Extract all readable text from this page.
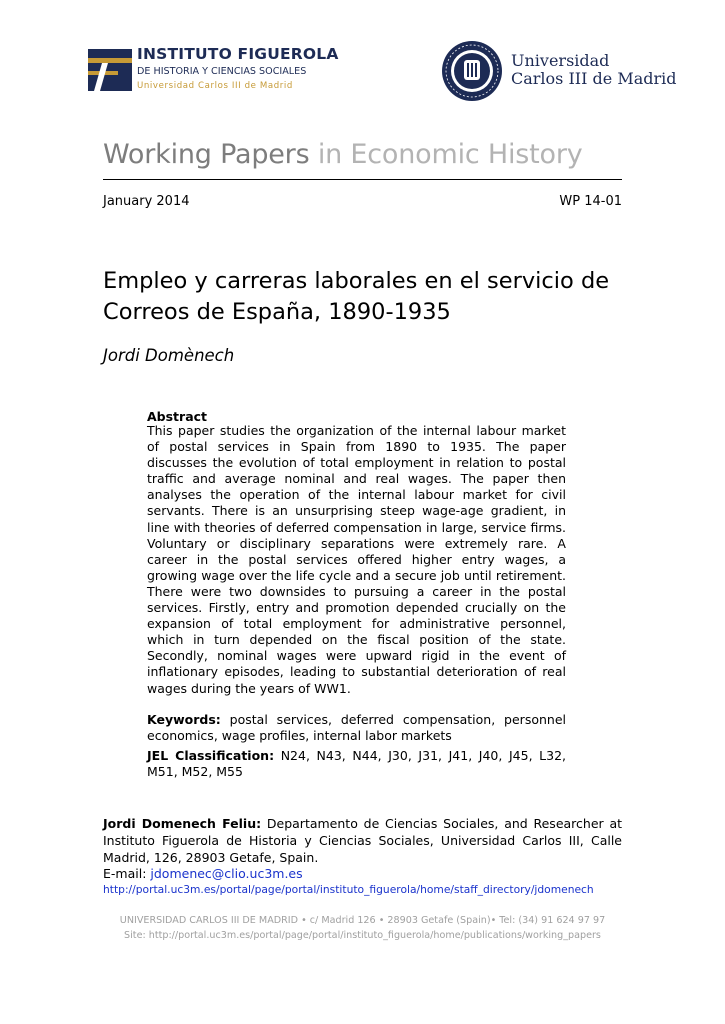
INSTITUTO FIGUEROLA
DE HISTORIA Y CIENCIAS SOCIALES
Universidad Carlos III de Madrid
Universidad
Carlos III de Madrid
Working Papers in Economic History
January 2014	WP 14-01
Empleo y carreras laborales en el servicio de Correos de España, 1890-1935
Jordi Domènech
Abstract
This paper studies the organization of the internal labour market of postal services in Spain from 1890 to 1935. The paper discusses the evolution of total employment in relation to postal traffic and average nominal and real wages. The paper then analyses the operation of the internal labour market for civil servants. There is an unsurprising steep wage-age gradient, in line with theories of deferred compensation in large, service firms. Voluntary or disciplinary separations were extremely rare. A career in the postal services offered higher entry wages, a growing wage over the life cycle and a secure job until retirement. There were two downsides to pursuing a career in the postal services. Firstly, entry and promotion depended crucially on the expansion of total employment for administrative personnel, which in turn depended on the fiscal position of the state. Secondly, nominal wages were upward rigid in the event of inflationary episodes, leading to substantial deterioration of real wages during the years of WW1.
Keywords: postal services, deferred compensation, personnel economics, wage profiles, internal labor markets
JEL Classification: N24, N43, N44, J30, J31, J41, J40, J45, L32, M51, M52, M55
Jordi Domenech Feliu: Departamento de Ciencias Sociales, and Researcher at Instituto Figuerola de Historia y Ciencias Sociales, Universidad Carlos III, Calle Madrid, 126, 28903 Getafe, Spain.
E-mail: jdomenec@clio.uc3m.es
http://portal.uc3m.es/portal/page/portal/instituto_figuerola/home/staff_directory/jdomenech
UNIVERSIDAD CARLOS III DE MADRID • c/ Madrid 126 • 28903 Getafe (Spain)• Tel: (34) 91 624 97 97
Site: http://portal.uc3m.es/portal/page/portal/instituto_figuerola/home/publications/working_papers
